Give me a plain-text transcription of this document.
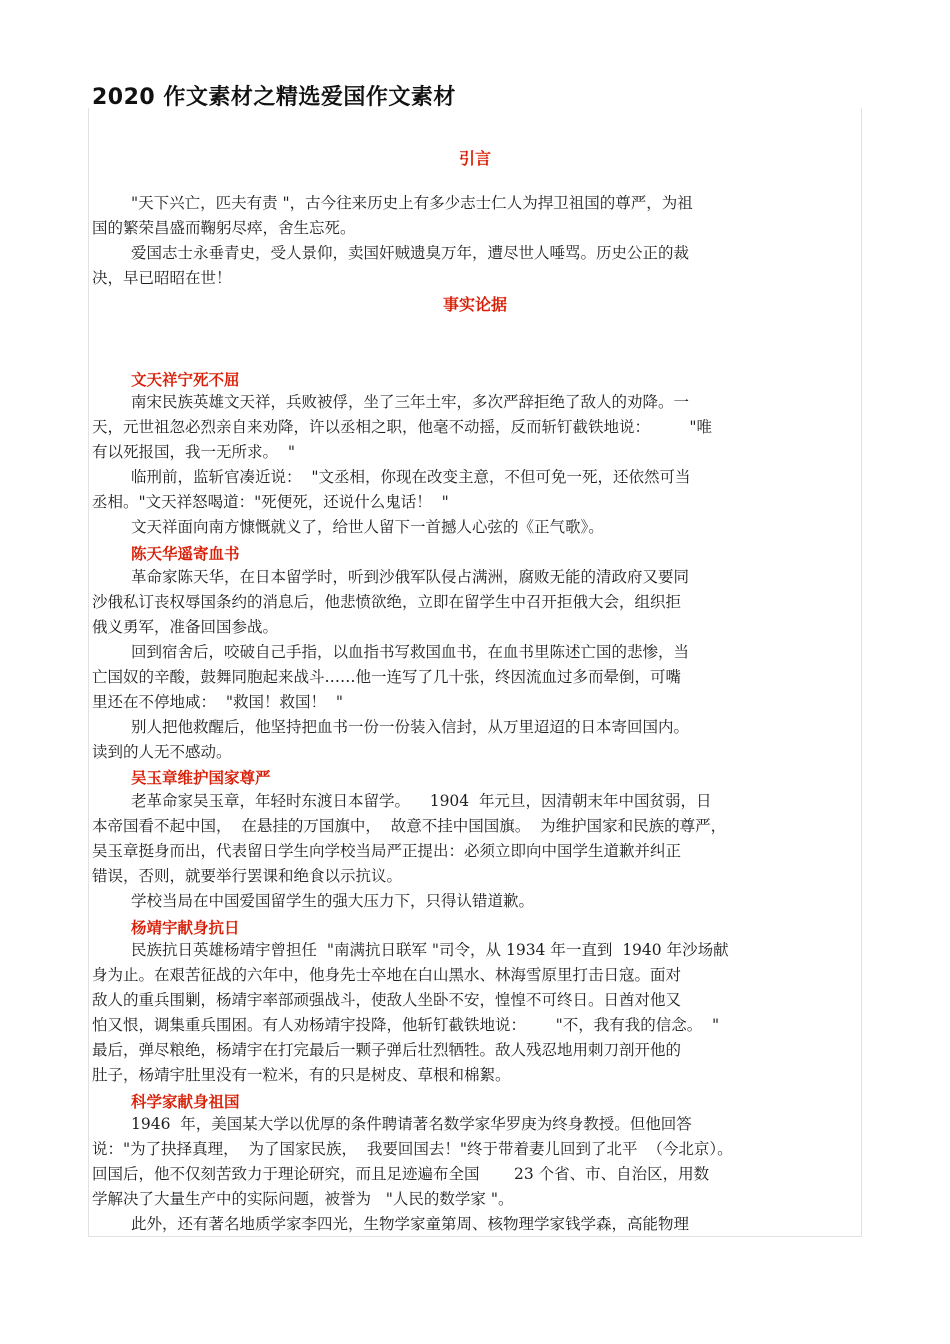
2020 作文素材之精选爱国作文素材
引言
"天下兴亡，匹夫有责 "，古今往来历史上有多少志士仁人为捍卫祖国的尊严，为祖
国的繁荣昌盛而鞠躬尽瘁，舍生忘死。
爱国志士永垂青史，受人景仰，卖国奸贼遗臭万年，遭尽世人唾骂。历史公正的裁
决，早已昭昭在世！
事实论据
文天祥宁死不屈
南宋民族英雄文天祥，兵败被俘，坐了三年土牢，多次严辞拒绝了敌人的劝降。一
天，元世祖忽必烈亲自来劝降，许以丞相之职，他毫不动摇，反而斩钉截铁地说：        "唯
有以死报国，我一无所求。  "
临刑前，监斩官凑近说：  "文丞相，你现在改变主意，不但可免一死，还依然可当
丞相。"文天祥怒喝道："死便死，还说什么鬼话！  "
文天祥面向南方慷慨就义了，给世人留下一首撼人心弦的《正气歌》。
陈天华遥寄血书
革命家陈天华，在日本留学时，听到沙俄军队侵占满洲，腐败无能的清政府又要同
沙俄私订丧权辱国条约的消息后，他悲愤欲绝，立即在留学生中召开拒俄大会，组织拒
俄义勇军，准备回国参战。
回到宿舍后，咬破自己手指，以血指书写救国血书，在血书里陈述亡国的悲惨，当
亡国奴的辛酸，鼓舞同胞起来战斗……他一连写了几十张，终因流血过多而晕倒，可嘴
里还在不停地咸：  "救国！救国！  "
别人把他救醒后，他坚持把血书一份一份装入信封，从万里迢迢的日本寄回国内。
读到的人无不感动。
吴玉章维护国家尊严
老革命家吴玉章，年轻时东渡日本留学。    1904  年元旦，因清朝末年中国贫弱，日
本帝国看不起中国，  在悬挂的万国旗中，  故意不挂中国国旗。  为维护国家和民族的尊严，
吴玉章挺身而出，代表留日学生向学校当局严正提出：必须立即向中国学生道歉并纠正
错误，否则，就要举行罢课和绝食以示抗议。
学校当局在中国爱国留学生的强大压力下，只得认错道歉。
杨靖宇献身抗日
民族抗日英雄杨靖宇曾担任  "南满抗日联军 "司令，从 1934 年一直到  1940 年沙场献
身为止。在艰苦征战的六年中，他身先士卒地在白山黑水、林海雪原里打击日寇。面对
敌人的重兵围剿，杨靖宇率部顽强战斗，使敌人坐卧不安，惶惶不可终日。日酋对他又
怕又恨，调集重兵围困。有人劝杨靖宇投降，他斩钉截铁地说：      "不，我有我的信念。  "
最后，弹尽粮绝，杨靖宇在打完最后一颗子弹后壮烈牺牲。敌人残忍地用刺刀剖开他的
肚子，杨靖宇肚里没有一粒米，有的只是树皮、草根和棉絮。
科学家献身祖国
1946  年，美国某大学以优厚的条件聘请著名数学家华罗庚为终身教授。但他回答
说："为了抉择真理，  为了国家民族，  我要回国去！"终于带着妻儿回到了北平  （今北京）。
回国后，他不仅刻苦致力于理论研究，而且足迹遍布全国       23 个省、市、自治区，用数
学解决了大量生产中的实际问题，被誉为   "人民的数学家 "。
此外，还有著名地质学家李四光，生物学家童第周、核物理学家钱学森，高能物理
